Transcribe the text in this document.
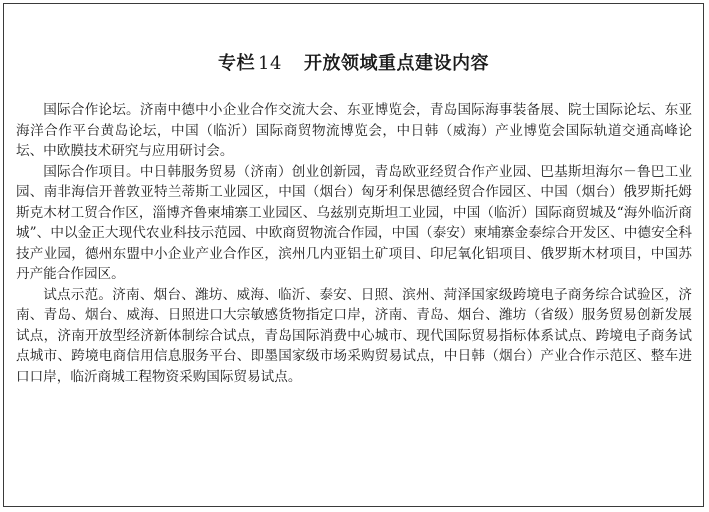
专栏 14 开放领域重点建设内容

国际合作论坛。济南中德中小企业合作交流大会、东亚博览会，青岛国际海事装备展、院士国际论坛、东亚海洋合作平台黄岛论坛，中国（临沂）国际商贸物流博览会，中日韩（威海）产业博览会国际轨道交通高峰论坛、中欧膜技术研究与应用研讨会。

国际合作项目。中日韩服务贸易（济南）创业创新园，青岛欧亚经贸合作产业园、巴基斯坦海尔－鲁巴工业园、南非海信开普敦亚特兰蒂斯工业园区，中国（烟台）匈牙利保思德经贸合作园区、中国（烟台）俄罗斯托姆斯克木材工贸合作区，淄博齐鲁柬埔寨工业园区、乌兹别克斯坦工业园，中国（临沂）国际商贸城及“海外临沂商城”、中以金正大现代农业科技示范园、中欧商贸物流合作园，中国（泰安）柬埔寨金泰综合开发区、中德安全科技产业园，德州东盟中小企业产业合作区，滨州几内亚铝土矿项目、印尼氧化铝项目、俄罗斯木材项目，中国苏丹产能合作园区。

试点示范。济南、烟台、潍坊、威海、临沂、泰安、日照、滨州、菏泽国家级跨境电子商务综合试验区，济南、青岛、烟台、威海、日照进口大宗敏感货物指定口岸，济南、青岛、烟台、潍坊（省级）服务贸易创新发展试点，济南开放型经济新体制综合试点，青岛国际消费中心城市、现代国际贸易指标体系试点、跨境电子商务试点城市、跨境电商信用信息服务平台、即墨国家级市场采购贸易试点，中日韩（烟台）产业合作示范区、整车进口口岸，临沂商城工程物资采购国际贸易试点。
